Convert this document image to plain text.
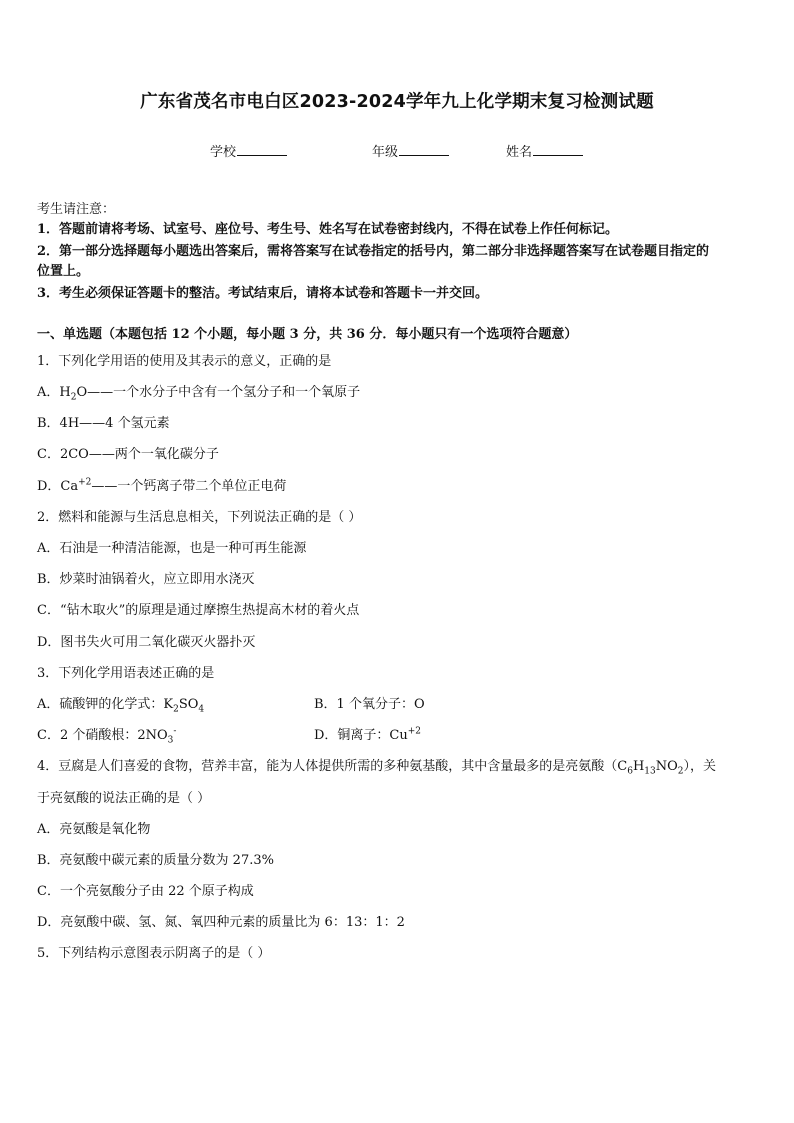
广东省茂名市电白区2023-2024学年九上化学期末复习检测试题
学校	年级	姓名
考生请注意：
1．答题前请将考场、试室号、座位号、考生号、姓名写在试卷密封线内，不得在试卷上作任何标记。
2．第一部分选择题每小题选出答案后，需将答案写在试卷指定的括号内，第二部分非选择题答案写在试卷题目指定的
位置上。
3．考生必须保证答题卡的整洁。考试结束后，请将本试卷和答题卡一并交回。
一、单选题（本题包括 12 个小题，每小题 3 分，共 36 分．每小题只有一个选项符合题意）
1．下列化学用语的使用及其表示的意义，正确的是
A．$H_2O——$一个水分子中含有一个氢分子和一个氧原子
B．4H——4 个氢元素
C．2CO——两个一氧化碳分子
D．$Ca^{+2}——$一个钙离子带二个单位正电荷
2．燃料和能源与生活息息相关，下列说法正确的是（ ）
A．石油是一种清洁能源，也是一种可再生能源
B．炒菜时油锅着火，应立即用水浇灭
C．“钻木取火”的原理是通过摩擦生热提高木材的着火点
D．图书失火可用二氧化碳灭火器扑灭
3．下列化学用语表述正确的是
A．硫酸钾的化学式：$K_2SO_4$	B．1 个氧分子：O
C．2 个硝酸根：$2NO_3^-$	D．铜离子：$Cu^{+2}$
4．豆腐是人们喜爱的食物，营养丰富，能为人体提供所需的多种氨基酸，其中含量最多的是亮氨酸$(C_6H_{13}NO_2)$，关
于亮氨酸的说法正确的是（ ）
A．亮氨酸是氧化物
B．亮氨酸中碳元素的质量分数为 27.3%
C．一个亮氨酸分子由 22 个原子构成
D．亮氨酸中碳、氢、氮、氧四种元素的质量比为 6：13：1：2
5．下列结构示意图表示阴离子的是（ ）
